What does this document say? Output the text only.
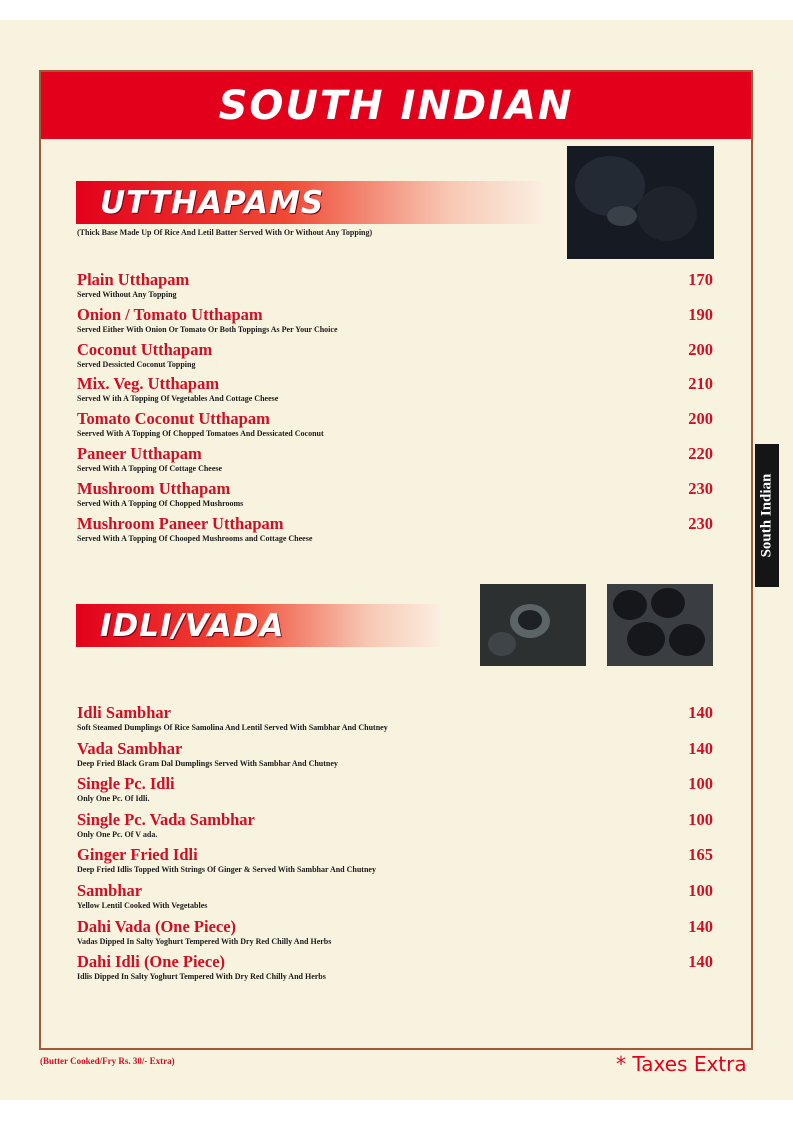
SOUTH INDIAN
UTTHAPAMS
(Thick Base Made Up Of Rice And Letil Batter Served With Or Without Any Topping)
Plain Utthapam	170
Served Without Any Topping
Onion / Tomato Utthapam	190
Served Either With Onion Or Tomato Or Both Toppings As Per Your Choice
Coconut Utthapam	200
Served Dessicted Coconut Topping
Mix. Veg. Utthapam	210
Served W ith A Topping Of Vegetables And Cottage Cheese
Tomato Coconut Utthapam	200
Seerved With A Topping Of Chopped Tomatoes And Dessicated Coconut
Paneer Utthapam	220
Served With A Topping Of Cottage Cheese
Mushroom Utthapam	230
Served With A Topping Of Chopped Mushrooms
Mushroom Paneer Utthapam	230
Served With A Topping Of Chooped Mushrooms and Cottage Cheese
IDLI/VADA
Idli Sambhar	140
Soft Steamed Dumplings Of Rice Samolina And Lentil Served With Sambhar And Chutney
Vada Sambhar	140
Deep Fried Black Gram Dal Dumplings Served With Sambhar And Chutney
Single Pc. Idli	100
Only One Pc. Of Idli.
Single Pc. Vada Sambhar	100
Only One Pc. Of V ada.
Ginger Fried Idli	165
Deep Fried Idlis Topped With Strings Of Ginger & Served With Sambhar And Chutney
Sambhar	100
Yellow Lentil Cooked With Vegetables
Dahi Vada (One Piece)	140
Vadas Dipped In Salty Yoghurt Tempered With Dry Red Chilly And Herbs
Dahi Idli (One Piece)	140
Idlis Dipped In Salty Yoghurt Tempered With Dry Red Chilly And Herbs
South Indian
(Butter Cooked/Fry Rs. 30/- Extra)	* Taxes Extra
